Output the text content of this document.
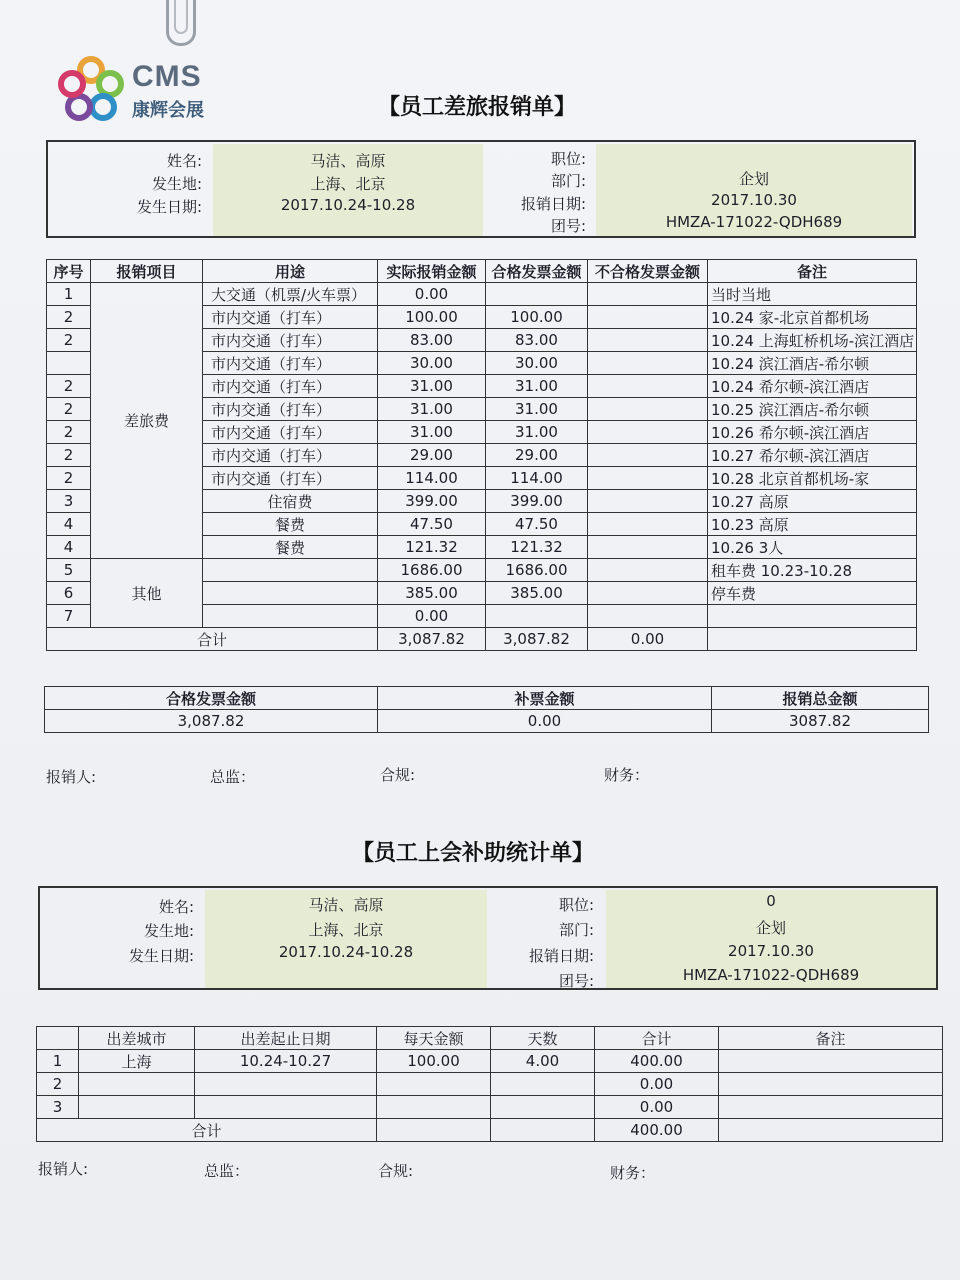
CMS
康辉会展	【员工差旅报销单】
姓名:	马洁、高原
发生地:	上海、北京
发生日期:	2017.10.24-10.28
职位:
部门:	企划
报销日期:	2017.10.30
团号:	HMZA-171022-QDH689
序号	报销项目	用途	实际报销金额	合格发票金额	不合格发票金额	备注
1	差旅费	大交通（机票/火车票）	0.00			当时当地
2		市内交通（打车）	100.00	100.00		10.24 家-北京首都机场
2		市内交通（打车）	83.00	83.00		10.24 上海虹桥机场-滨江酒店
		市内交通（打车）	30.00	30.00		10.24 滨江酒店-希尔顿
2		市内交通（打车）	31.00	31.00		10.24 希尔顿-滨江酒店
2		市内交通（打车）	31.00	31.00		10.25 滨江酒店-希尔顿
2		市内交通（打车）	31.00	31.00		10.26 希尔顿-滨江酒店
2		市内交通（打车）	29.00	29.00		10.27 希尔顿-滨江酒店
2		市内交通（打车）	114.00	114.00		10.28 北京首都机场-家
3		住宿费	399.00	399.00		10.27 高原
4		餐费	47.50	47.50		10.23 高原
4		餐费	121.32	121.32		10.26 3人
5	其他		1686.00	1686.00		租车费 10.23-10.28
6			385.00	385.00		停车费
7			0.00			
合计			3,087.82	3,087.82	0.00	
合格发票金额	补票金额	报销总金额
3,087.82	0.00	3087.82
报销人:	总监：	合规:	财务：
【员工上会补助统计单】
姓名:	马洁、高原
发生地:	上海、北京
发生日期:	2017.10.24-10.28
职位:	0
部门:	企划
报销日期:	2017.10.30
团号:	HMZA-171022-QDH689
	出差城市	出差起止日期	每天金额	天数	合计	备注
1	上海	10.24-10.27	100.00	4.00	400.00	
2					0.00	
3					0.00	
合计					400.00	
报销人:	总监：	合规:	财务：
